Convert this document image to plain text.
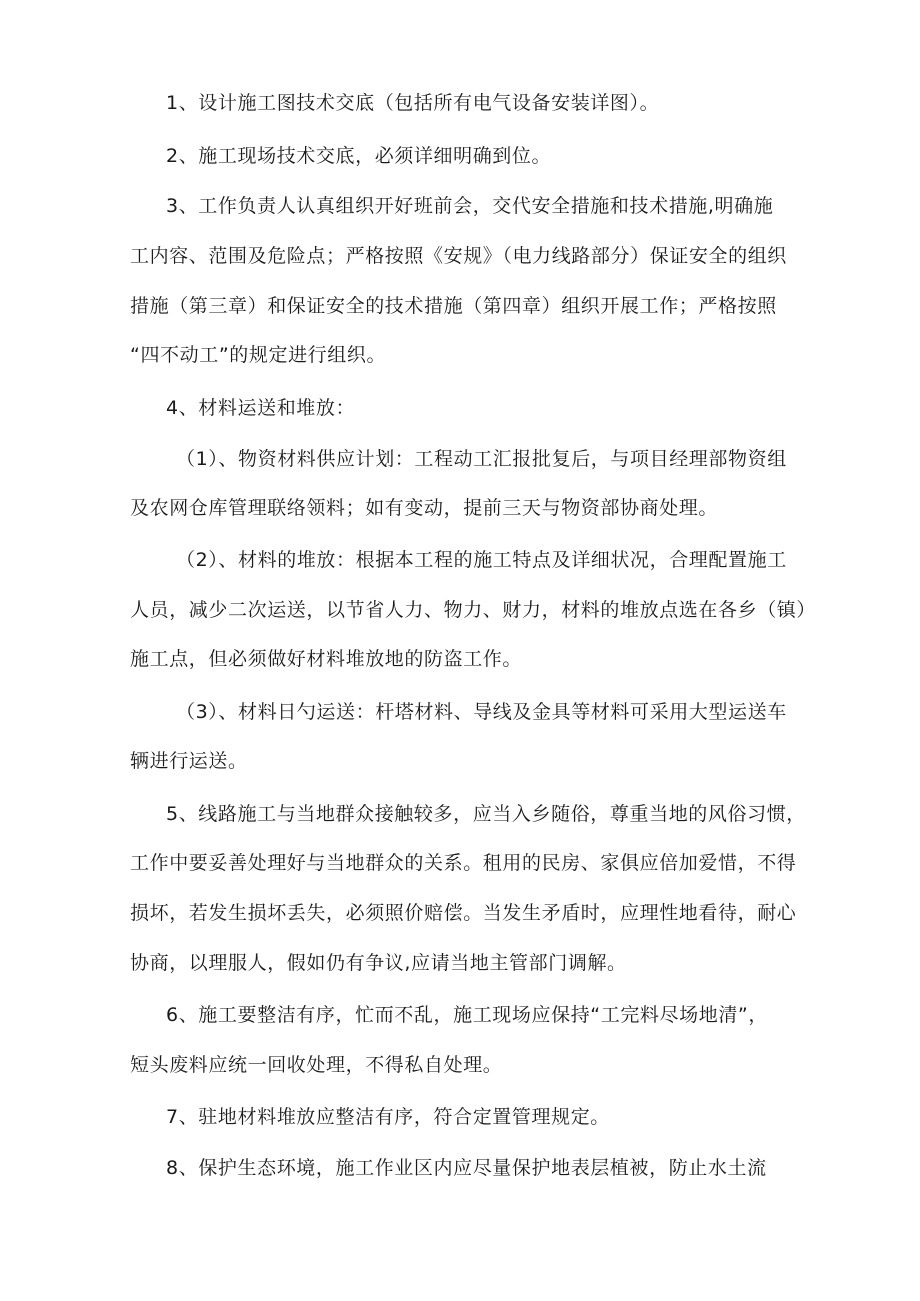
1、设计施工图技术交底（包括所有电气设备安装详图）。
2、施工现场技术交底，必须详细明确到位。
3、工作负责人认真组织开好班前会，交代安全措施和技术措施,明确施
工内容、范围及危险点；严格按照《安规》（电力线路部分）保证安全的组织
措施（第三章）和保证安全的技术措施（第四章）组织开展工作；严格按照
“四不动工”的规定进行组织。
4、材料运送和堆放：
（1）、物资材料供应计划：工程动工汇报批复后，与项目经理部物资组
及农网仓库管理联络领料；如有变动，提前三天与物资部协商处理。
（2）、材料的堆放：根据本工程的施工特点及详细状况，合理配置施工
人员，减少二次运送，以节省人力、物力、财力，材料的堆放点选在各乡（镇）
施工点，但必须做好材料堆放地的防盗工作。
（3）、材料日勺运送：杆塔材料、导线及金具等材料可采用大型运送车
辆进行运送。
5、线路施工与当地群众接触较多，应当入乡随俗，尊重当地的风俗习惯，
工作中要妥善处理好与当地群众的关系。租用的民房、家俱应倍加爱惜，不得
损坏，若发生损坏丢失，必须照价赔偿。当发生矛盾时，应理性地看待，耐心
协商，以理服人，假如仍有争议,应请当地主管部门调解。
6、施工要整洁有序，忙而不乱，施工现场应保持“工完料尽场地清”，
短头废料应统一回收处理，不得私自处理。
7、驻地材料堆放应整洁有序，符合定置管理规定。
8、保护生态环境，施工作业区内应尽量保护地表层植被，防止水土流
